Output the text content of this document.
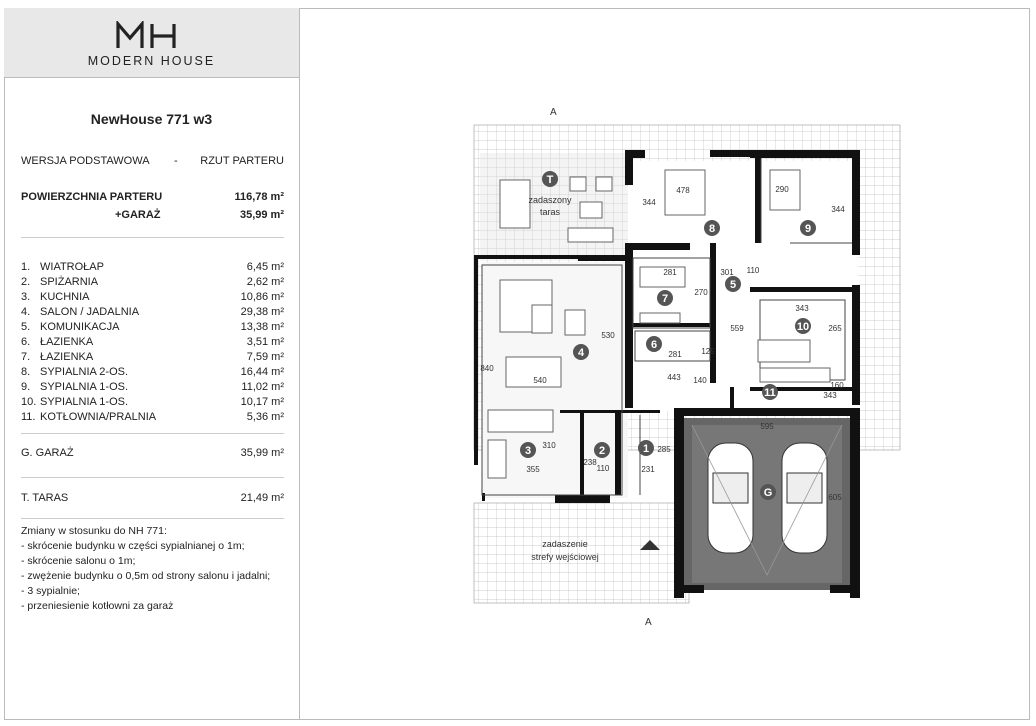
MODERN HOUSE
NewHouse 771 w3
WERSJA PODSTAWOWA - RZUT PARTERU
POWIERZCHNIA PARTERU	116,78 m²
+GARAŻ	35,99 m²
1. WIATROŁAP	6,45 m²
2. SPIŻARNIA	2,62 m²
3. KUCHNIA	10,86 m²
4. SALON / JADALNIA	29,38 m²
5. KOMUNIKACJA	13,38 m²
6. ŁAZIENKA	3,51 m²
7. ŁAZIENKA	7,59 m²
8. SYPIALNIA 2-OS.	16,44 m²
9. SYPIALNIA 1-OS.	11,02 m²
10. SYPIALNIA 1-OS.	10,17 m²
11. KOTŁOWNIA/PRALNIA	5,36 m²
G. GARAŻ	35,99 m²
T. TARAS	21,49 m²
Zmiany w stosunku do NH 771:
- skrócenie budynku w części sypialnianej o 1m;
- skrócenie salonu o 1m;
- zwężenie budynku o 0,5m od strony salonu i jadalni;
- 3 sypialnie;
- przeniesienie kotłowni za garaż
A
A
zadaszony
taras
zadaszenie
strefy wejściowej
478	290
344
344
281	301
270
110
530
559
343
265
281 125
540	443 140
160
343
840
310
238
110
285
231
355
595
605
T
8	9
7
5
10
4
6
11
3	2	1
G
